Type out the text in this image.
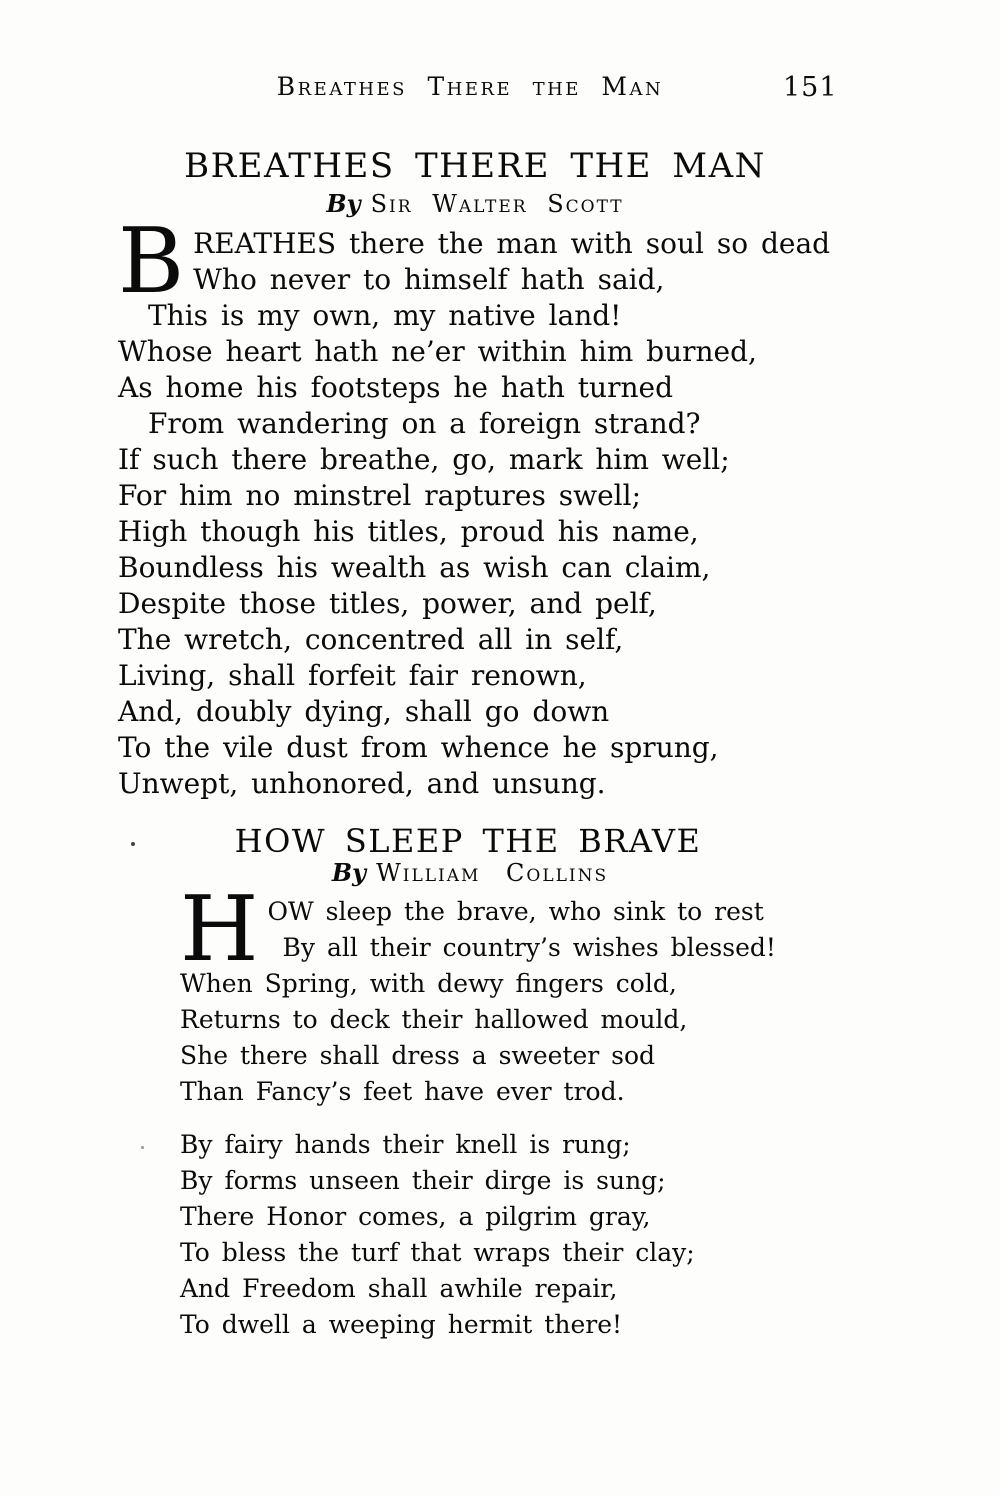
Breathes There the Man	151
BREATHES THERE THE MAN
By Sir Walter Scott
B REATHES there the man with soul so dead
Who never to himself hath said,
This is my own, my native land!
Whose heart hath ne’er within him burned,
As home his footsteps he hath turned
From wandering on a foreign strand?
If such there breathe, go, mark him well;
For him no minstrel raptures swell;
High though his titles, proud his name,
Boundless his wealth as wish can claim,
Despite those titles, power, and pelf,
The wretch, concentred all in self,
Living, shall forfeit fair renown,
And, doubly dying, shall go down
To the vile dust from whence he sprung,
Unwept, unhonored, and unsung.
HOW SLEEP THE BRAVE
By William Collins
H OW sleep the brave, who sink to rest
By all their country’s wishes blessed!
When Spring, with dewy fingers cold,
Returns to deck their hallowed mould,
She there shall dress a sweeter sod
Than Fancy’s feet have ever trod.
By fairy hands their knell is rung;
By forms unseen their dirge is sung;
There Honor comes, a pilgrim gray,
To bless the turf that wraps their clay;
And Freedom shall awhile repair,
To dwell a weeping hermit there!
